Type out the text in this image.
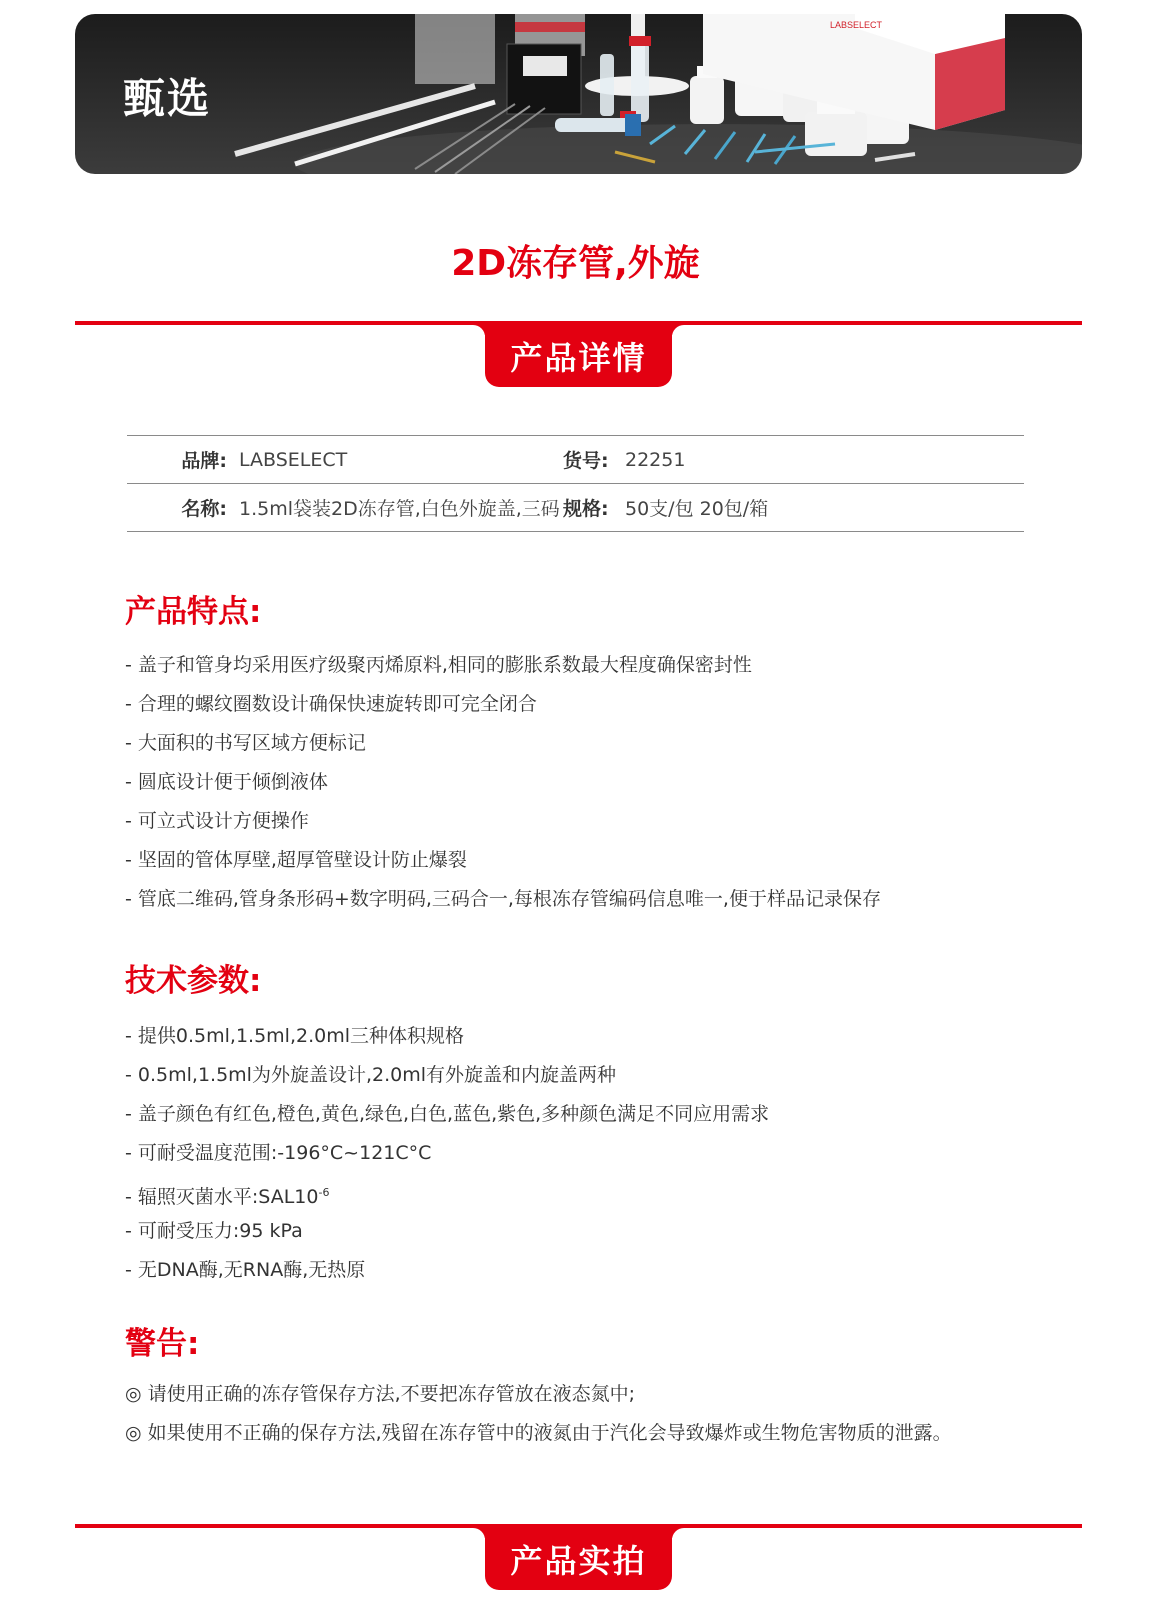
LABSELECT
甄选
2D冻存管,外旋
产品详情
品牌: LABSELECT	货号: 22251
名称: 1.5ml袋装2D冻存管,白色外旋盖,三码 规格: 50支/包 20包/箱
产品特点:
- 盖子和管身均采用医疗级聚丙烯原料,相同的膨胀系数最大程度确保密封性
- 合理的螺纹圈数设计确保快速旋转即可完全闭合
- 大面积的书写区域方便标记
- 圆底设计便于倾倒液体
- 可立式设计方便操作
- 坚固的管体厚壁,超厚管壁设计防止爆裂
- 管底二维码,管身条形码+数字明码,三码合一,每根冻存管编码信息唯一,便于样品记录保存
技术参数:
- 提供0.5ml,1.5ml,2.0ml三种体积规格
- 0.5ml,1.5ml为外旋盖设计,2.0ml有外旋盖和内旋盖两种
- 盖子颜色有红色,橙色,黄色,绿色,白色,蓝色,紫色,多种颜色满足不同应用需求
- 可耐受温度范围:-196°C~121C°C
- 辐照灭菌水平$:SAL10^{-6}$
- 可耐受压力:95 kPa
- 无DNA酶,无RNA酶,无热原
警告:
◎ 请使用正确的冻存管保存方法,不要把冻存管放在液态氮中;
◎ 如果使用不正确的保存方法,残留在冻存管中的液氮由于汽化会导致爆炸或生物危害物质的泄露。
产品实拍
